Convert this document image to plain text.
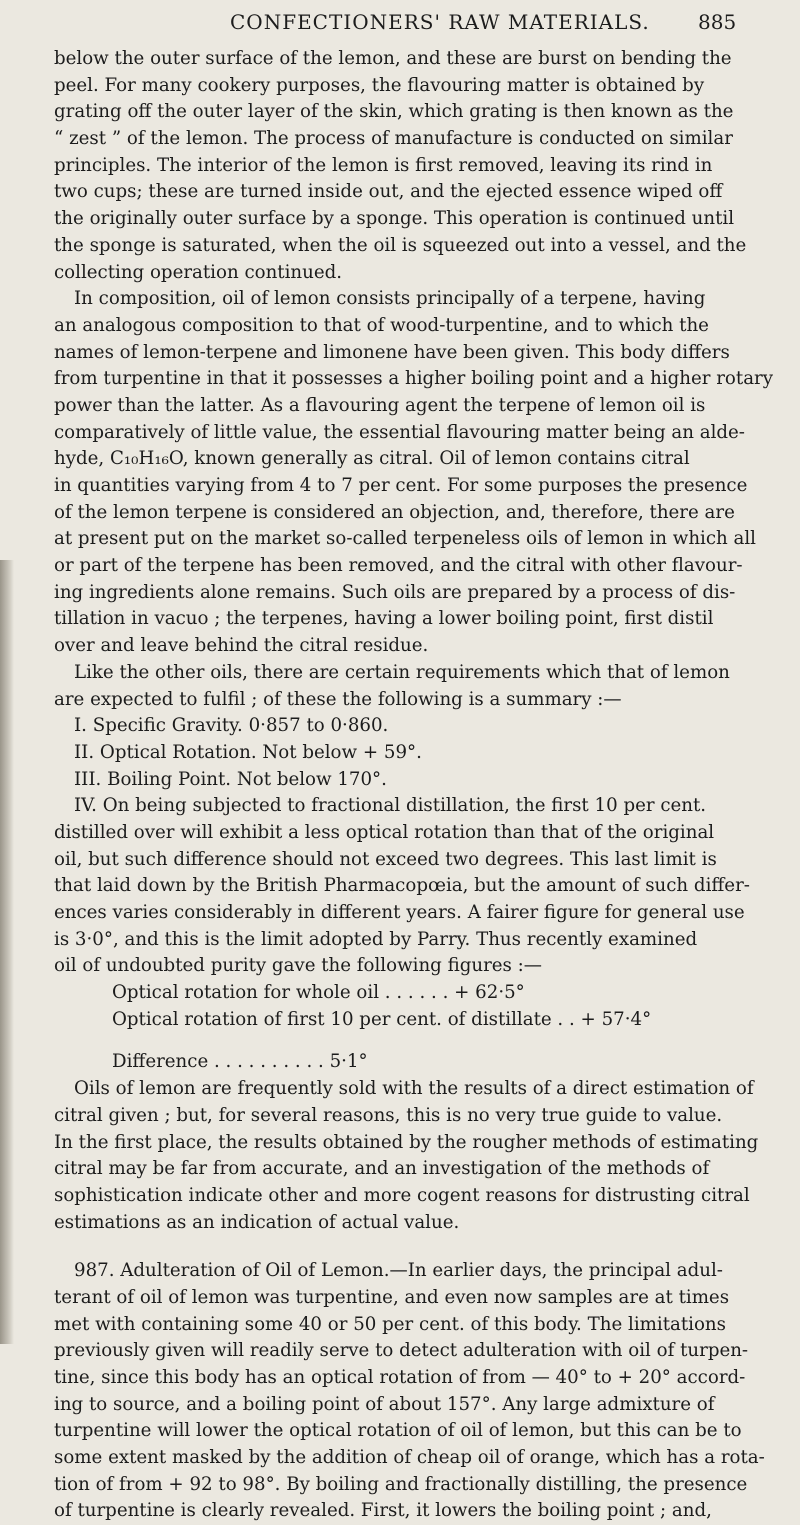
CONFECTIONERS' RAW MATERIALS. 885
below the outer surface of the lemon, and these are burst on bending the
peel. For many cookery purposes, the flavouring matter is obtained by
grating off the outer layer of the skin, which grating is then known as the
“ zest ” of the lemon. The process of manufacture is conducted on similar
principles. The interior of the lemon is first removed, leaving its rind in
two cups; these are turned inside out, and the ejected essence wiped off
the originally outer surface by a sponge. This operation is continued until
the sponge is saturated, when the oil is squeezed out into a vessel, and the
collecting operation continued.
In composition, oil of lemon consists principally of a terpene, having
an analogous composition to that of wood-turpentine, and to which the
names of lemon-terpene and limonene have been given. This body differs
from turpentine in that it possesses a higher boiling point and a higher rotary
power than the latter. As a flavouring agent the terpene of lemon oil is
comparatively of little value, the essential flavouring matter being an alde-
hyde, C₁₀H₁₆O, known generally as citral. Oil of lemon contains citral
in quantities varying from 4 to 7 per cent. For some purposes the presence
of the lemon terpene is considered an objection, and, therefore, there are
at present put on the market so-called terpeneless oils of lemon in which all
or part of the terpene has been removed, and the citral with other flavour-
ing ingredients alone remains. Such oils are prepared by a process of dis-
tillation in vacuo ; the terpenes, having a lower boiling point, first distil
over and leave behind the citral residue.
Like the other oils, there are certain requirements which that of lemon
are expected to fulfil ; of these the following is a summary :—
I. Specific Gravity. 0·857 to 0·860.
II. Optical Rotation. Not below + 59°.
III. Boiling Point. Not below 170°.
IV. On being subjected to fractional distillation, the first 10 per cent.
distilled over will exhibit a less optical rotation than that of the original
oil, but such difference should not exceed two degrees. This last limit is
that laid down by the British Pharmacopœia, but the amount of such differ-
ences varies considerably in different years. A fairer figure for general use
is 3·0°, and this is the limit adopted by Parry. Thus recently examined
oil of undoubted purity gave the following figures :—
Optical rotation for whole oil . . . . . . + 62·5°
Optical rotation of first 10 per cent. of distillate . . + 57·4°
Difference . . . . . . . . . . 5·1°
Oils of lemon are frequently sold with the results of a direct estimation of
citral given ; but, for several reasons, this is no very true guide to value.
In the first place, the results obtained by the rougher methods of estimating
citral may be far from accurate, and an investigation of the methods of
sophistication indicate other and more cogent reasons for distrusting citral
estimations as an indication of actual value.
987. Adulteration of Oil of Lemon.—In earlier days, the principal adul-
terant of oil of lemon was turpentine, and even now samples are at times
met with containing some 40 or 50 per cent. of this body. The limitations
previously given will readily serve to detect adulteration with oil of turpen-
tine, since this body has an optical rotation of from — 40° to + 20° accord-
ing to source, and a boiling point of about 157°. Any large admixture of
turpentine will lower the optical rotation of oil of lemon, but this can be to
some extent masked by the addition of cheap oil of orange, which has a rota-
tion of from + 92 to 98°. By boiling and fractionally distilling, the presence
of turpentine is clearly revealed. First, it lowers the boiling point ; and,
